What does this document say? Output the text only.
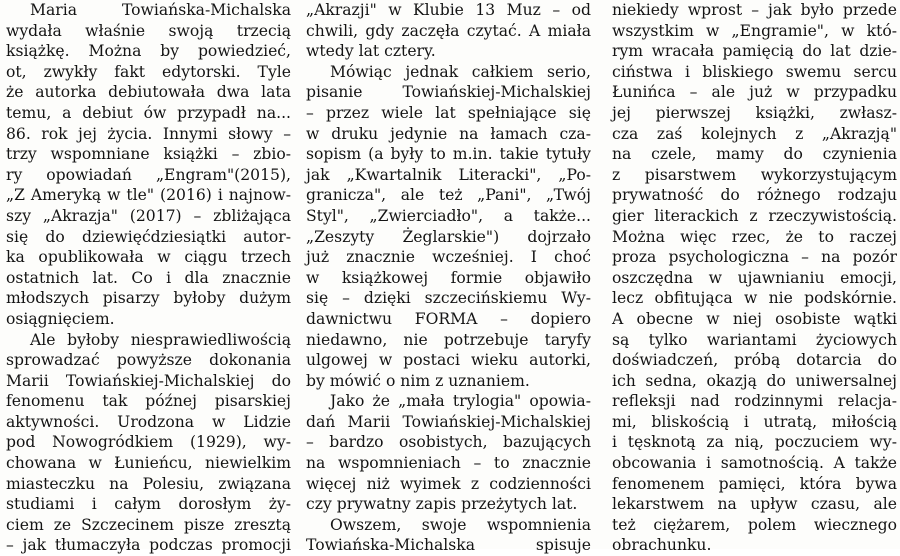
Maria Towiańska-Michalska
wydała właśnie swoją trzecią
książkę. Można by powiedzieć,
ot, zwykły fakt edytorski. Tyle
że autorka debiutowała dwa lata
temu, a debiut ów przypadł na...
86. rok jej życia. Innymi słowy –
trzy wspomniane książki – zbio-
ry opowiadań „Engram"(2015),
„Z Ameryką w tle" (2016) i najnow-
szy „Akrazja" (2017) – zbliżająca
się do dziewięćdziesiątki autor-
ka opublikowała w ciągu trzech
ostatnich lat. Co i dla znacznie
młodszych pisarzy byłoby dużym
osiągnięciem.
Ale byłoby niesprawiedliwością
sprowadzać powyższe dokonania
Marii Towiańskiej-Michalskiej do
fenomenu tak późnej pisarskiej
aktywności. Urodzona w Lidzie
pod Nowogródkiem (1929), wy-
chowana w Łunieńcu, niewielkim
miasteczku na Polesiu, związana
studiami i całym dorosłym ży-
ciem ze Szczecinem pisze zresztą
– jak tłumaczyła podczas promocji
„Akrazji" w Klubie 13 Muz – od
chwili, gdy zaczęła czytać. A miała
wtedy lat cztery.
Mówiąc jednak całkiem serio,
pisanie Towiańskiej-Michalskiej
– przez wiele lat spełniające się
w druku jedynie na łamach cza-
sopism (a były to m.in. takie tytuły
jak „Kwartalnik Literacki", „Po-
granicza", ale też „Pani", „Twój
Styl", „Zwierciadło", a także...
„Zeszyty Żeglarskie") dojrzało
już znacznie wcześniej. I choć
w książkowej formie objawiło
się – dzięki szczecińskiemu Wy-
dawnictwu FORMA – dopiero
niedawno, nie potrzebuje taryfy
ulgowej w postaci wieku autorki,
by mówić o nim z uznaniem.
Jako że „mała trylogia" opowia-
dań Marii Towiańskiej-Michalskiej
– bardzo osobistych, bazujących
na wspomnieniach – to znacznie
więcej niż wyimek z codzienności
czy prywatny zapis przeżytych lat.
Owszem, swoje wspomnienia
Towiańska-Michalska spisuje
niekiedy wprost – jak było przede
wszystkim w „Engramie", w któ-
rym wracała pamięcią do lat dzie-
ciństwa i bliskiego swemu sercu
Łunińca – ale już w przypadku
jej pierwszej książki, zwłasz-
cza zaś kolejnych z „Akrazją"
na czele, mamy do czynienia
z pisarstwem wykorzystującym
prywatność do różnego rodzaju
gier literackich z rzeczywistością.
Można więc rzec, że to raczej
proza psychologiczna – na pozór
oszczędna w ujawnianiu emocji,
lecz obfitująca w nie podskórnie.
A obecne w niej osobiste wątki
są tylko wariantami życiowych
doświadczeń, próbą dotarcia do
ich sedna, okazją do uniwersalnej
refleksji nad rodzinnymi relacja-
mi, bliskością i utratą, miłością
i tęsknotą za nią, poczuciem wy-
obcowania i samotnością. A także
fenomenem pamięci, która bywa
lekarstwem na upływ czasu, ale
też ciężarem, polem wiecznego
obrachunku.
